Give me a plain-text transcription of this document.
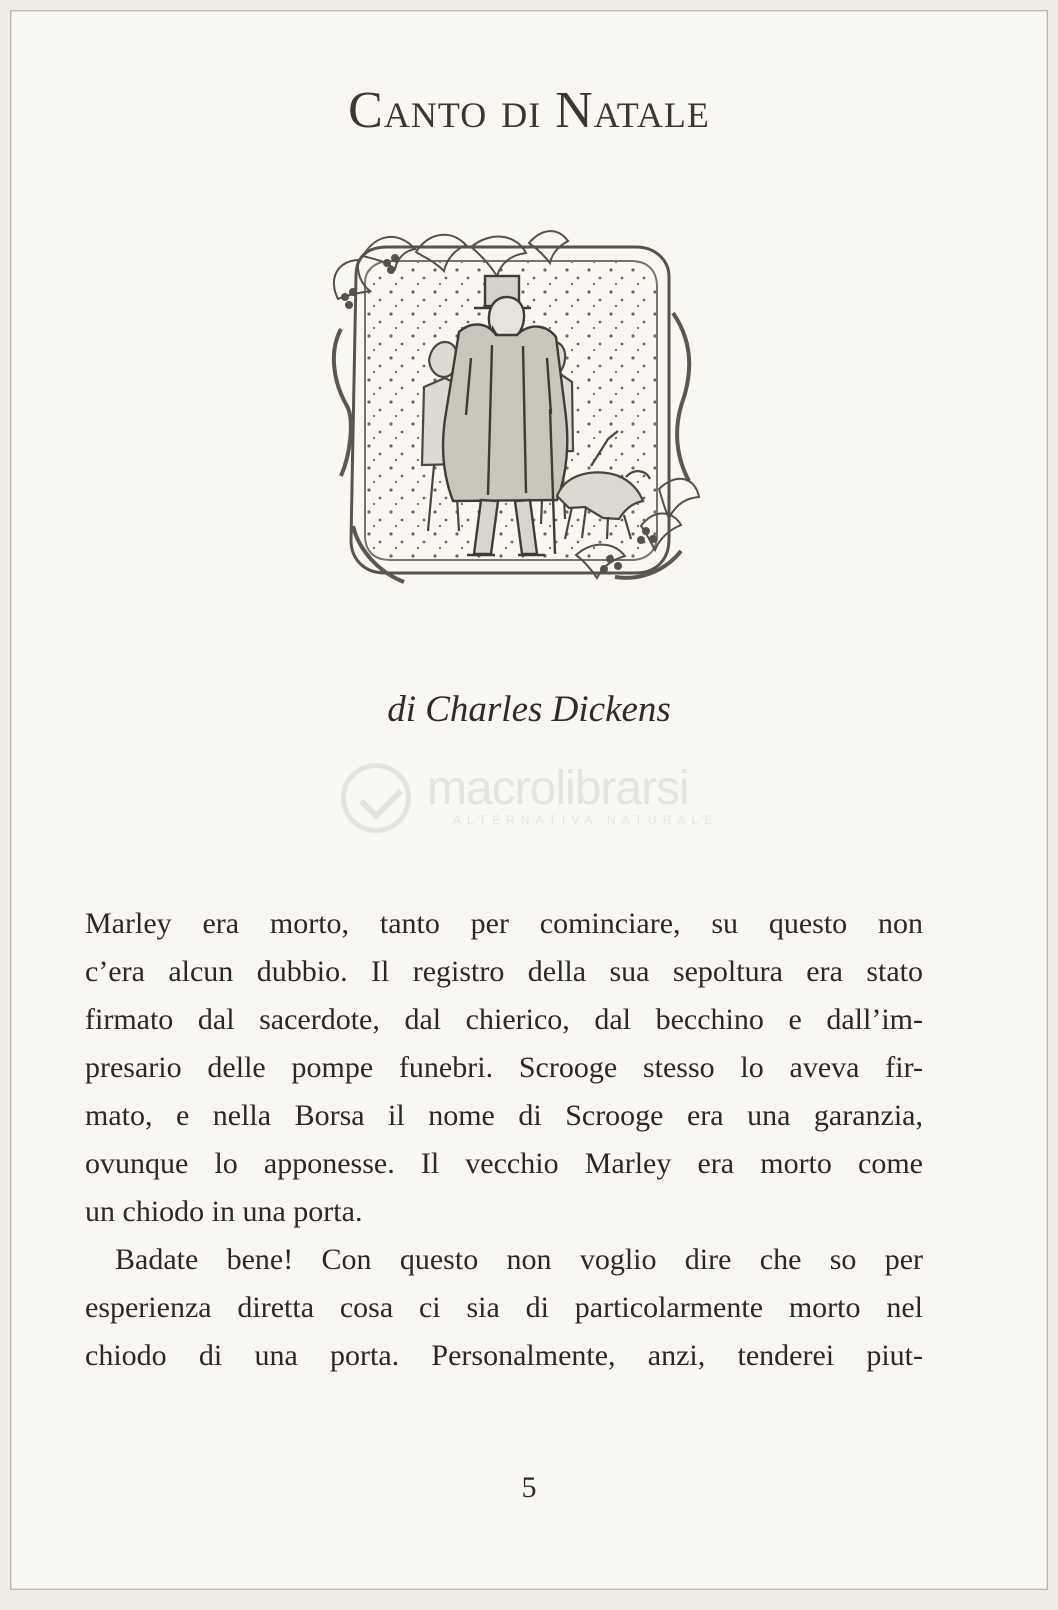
Canto di Natale
di Charles Dickens
macrolibrarsi
ALTERNATIVA NATURALE
Marley era morto, tanto per cominciare, su questo non
c’era alcun dubbio. Il registro della sua sepoltura era stato
firmato dal sacerdote, dal chierico, dal becchino e dall’im-
presario delle pompe funebri. Scrooge stesso lo aveva fir-
mato, e nella Borsa il nome di Scrooge era una garanzia,
ovunque lo apponesse. Il vecchio Marley era morto come
un chiodo in una porta.
Badate bene! Con questo non voglio dire che so per
esperienza diretta cosa ci sia di particolarmente morto nel
chiodo di una porta. Personalmente, anzi, tenderei piut-
5
